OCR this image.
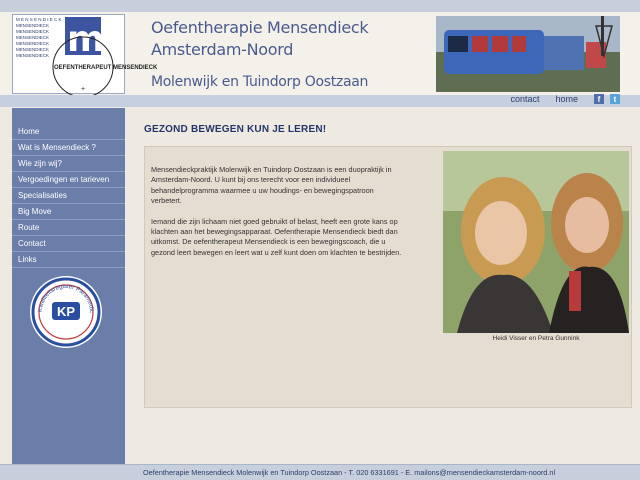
M E N S E N D I E C K
MENSENDIECK
MENSENDIECK
MENSENDIECK
MENSENDIECK
MENSENDIECK
MENSENDIECK m
OEFENTHERAPEUT MENSENDIECK
+
Oefentherapie Mensendieck
Amsterdam-Noord
Molenwijk en Tuindorp Oostzaan
contact home	f	t
Home
Wat is Mensendieck ?
Wie zijn wij?
Vergoedingen en tarieven
Specialisaties
Big Move
Route
Contact
Links
Kwaliteitsregister Paramedic
KP
GEZOND BEWEGEN KUN JE LEREN!

Mensendieckpraktijk Molenwijk en Tuindorp Oostzaan is een duopraktijk in Amsterdam-Noord. U kunt bij ons terecht voor een individueel behandelprogramma waarmee u uw houdings- en bewegingspatroon verbetert.

Iemand die zijn lichaam niet goed gebruikt of belast, heeft een grote kans op klachten aan het bewegingsapparaat. Oefentherapie Mensendieck biedt dan uitkomst. De oefentherapeut Mensendieck is een bewegingscoach, die u gezond leert bewegen en leert wat u zelf kunt doen om klachten te bestrijden.

Heidi Visser en Petra Gunnink
Oefentherapie Mensendieck Molenwijk en Tuindorp Oostzaan - T. 020 6331691 - E. mailons@mensendieckamsterdam-noord.nl
